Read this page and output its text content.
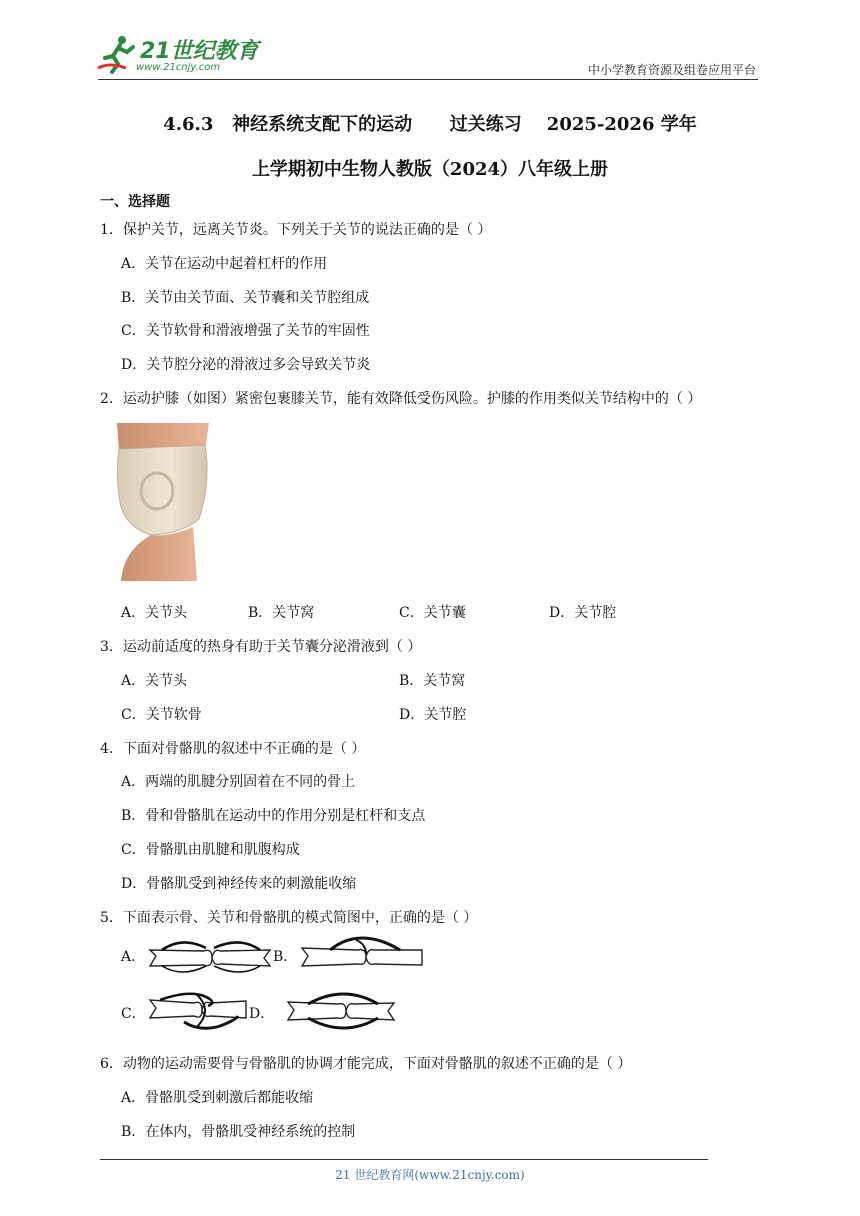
21世纪教育
www.21cnjy.com	中小学教育资源及组卷应用平台
4.6.3   神经系统支配下的运动      过关练习    2025-2026 学年
上学期初中生物人教版（2024）八年级上册
一、选择题
1．保护关节，远离关节炎。下列关于关节的说法正确的是（ ）
A．关节在运动中起着杠杆的作用
B．关节由关节面、关节囊和关节腔组成
C．关节软骨和滑液增强了关节的牢固性
D．关节腔分泌的滑液过多会导致关节炎
2．运动护膝（如图）紧密包裹膝关节，能有效降低受伤风险。护膝的作用类似关节结构中的（ ）
A．关节头	B．关节窝	C．关节囊	D．关节腔
3．运动前适度的热身有助于关节囊分泌滑液到（ ）
A．关节头	B．关节窝
C．关节软骨	D．关节腔
4．下面对骨骼肌的叙述中不正确的是（ ）
A．两端的肌腱分别固着在不同的骨上
B．骨和骨骼肌在运动中的作用分别是杠杆和支点
C．骨骼肌由肌腱和肌腹构成
D．骨骼肌受到神经传来的刺激能收缩
5．下面表示骨、关节和骨骼肌的模式简图中，正确的是（ ）
A．	B．
C．	D．
6．动物的运动需要骨与骨骼肌的协调才能完成，下面对骨骼肌的叙述不正确的是（ ）
A．骨骼肌受到刺激后都能收缩
B．在体内，骨骼肌受神经系统的控制
21 世纪教育网(www.21cnjy.com)
